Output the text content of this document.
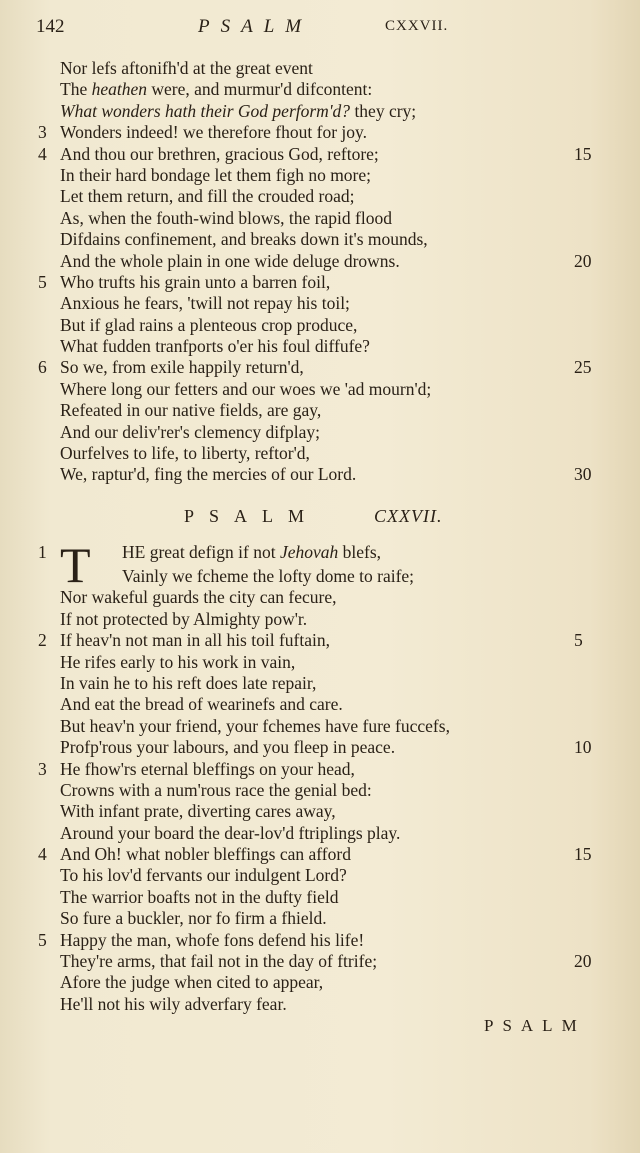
142	PSALM	CXXVII.
Nor lefs aftonifh'd at the great event
The heathen were, and murmur'd difcontent:
What wonders hath their God perform'd? they cry;
3 Wonders indeed! we therefore fhout for joy.
4 And thou our brethren, gracious God, reftore;	15
In their hard bondage let them figh no more;
Let them return, and fill the crouded road;
As, when the fouth-wind blows, the rapid flood
Difdains confinement, and breaks down it's mounds,
And the whole plain in one wide deluge drowns.	20
5 Who trufts his grain unto a barren foil,
Anxious he fears, 'twill not repay his toil;
But if glad rains a plenteous crop produce,
What fudden tranfports o'er his foul diffufe?
6 So we, from exile happily return'd,	25
Where long our fetters and our woes we 'ad mourn'd;
Refeated in our native fields, are gay,
And our deliv'rer's clemency difplay;
Ourfelves to life, to liberty, reftor'd,
We, raptur'd, fing the mercies of our Lord.	30
PSALM	CXXVII.
1 T HE great defign if not Jehovah blefs,
Vainly we fcheme the lofty dome to raife;
Nor wakeful guards the city can fecure,
If not protected by Almighty pow'r.
2 If heav'n not man in all his toil fuftain,	5
He rifes early to his work in vain,
In vain he to his reft does late repair,
And eat the bread of wearinefs and care.
But heav'n your friend, your fchemes have fure fuccefs,
Profp'rous your labours, and you fleep in peace.	10
3 He fhow'rs eternal bleffings on your head,
Crowns with a num'rous race the genial bed:
With infant prate, diverting cares away,
Around your board the dear-lov'd ftriplings play.
4 And Oh! what nobler bleffings can afford	15
To his lov'd fervants our indulgent Lord?
The warrior boafts not in the dufty field
So fure a buckler, nor fo firm a fhield.
5 Happy the man, whofe fons defend his life!
They're arms, that fail not in the day of ftrife;	20
Afore the judge when cited to appear,
He'll not his wily adverfary fear.
PSALM
